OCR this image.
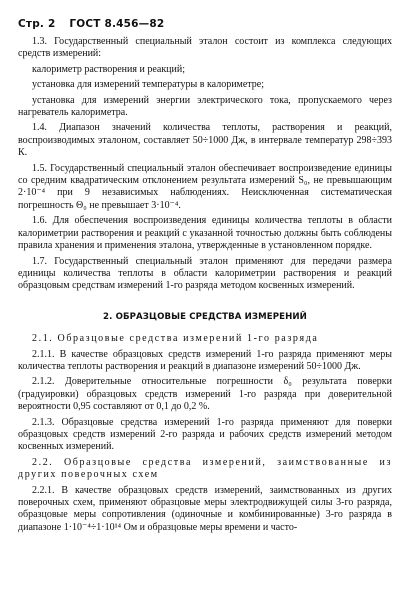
Стр. 2 ГОСТ 8.456—82

1.3. Государственный специальный эталон состоит из комплекса следующих средств измерений:

калориметр растворения и реакций;

установка для измерений температуры в калориметре;

установка для измерений энергии электрического тока, пропускаемого через нагреватель калориметра.

1.4. Диапазон значений количества теплоты, растворения и реакций, воспроизводимых эталоном, составляет 50÷1000 Дж, в интервале температур 298÷393 К.

1.5. Государственный специальный эталон обеспечивает воспроизведение единицы со средним квадратическим отклонением результата измерений S₀, не превышающим 2·10⁻⁴ при 9 независимых наблюдениях. Неисключенная систематическая погрешность Θ₀ не превышает 3·10⁻⁴.

1.6. Для обеспечения воспроизведения единицы количества теплоты в области калориметрии растворения и реакций с указанной точностью должны быть соблюдены правила хранения и применения эталона, утвержденные в установленном порядке.

1.7. Государственный специальный эталон применяют для передачи размера единицы количества теплоты в области калориметрии растворения и реакций образцовым средствам измерений 1-го разряда методом косвенных измерений.

2. ОБРАЗЦОВЫЕ СРЕДСТВА ИЗМЕРЕНИЙ

2.1. Образцовые средства измерений 1-го разряда

2.1.1. В качестве образцовых средств измерений 1-го разряда применяют меры количества теплоты растворения и реакций в диапазоне измерений 50÷1000 Дж.

2.1.2. Доверительные относительные погрешности δ₀ результата поверки (градуировки) образцовых средств измерений 1-го разряда при доверительной вероятности 0,95 составляют от 0,1 до 0,2 %.

2.1.3. Образцовые средства измерений 1-го разряда применяют для поверки образцовых средств измерений 2-го разряда и рабочих средств измерений методом косвенных измерений.

2.2. Образцовые средства измерений, заимствованные из других поверочных схем

2.2.1. В качестве образцовых средств измерений, заимствованных из других поверочных схем, применяют образцовые меры электродвижущей силы 3-го разряда, образцовые меры сопротивления (одиночные и комбинированные) 3-го разряда в диапазоне 1·10⁻⁴÷1·10¹⁴ Ом и образцовые меры времени и часто-
